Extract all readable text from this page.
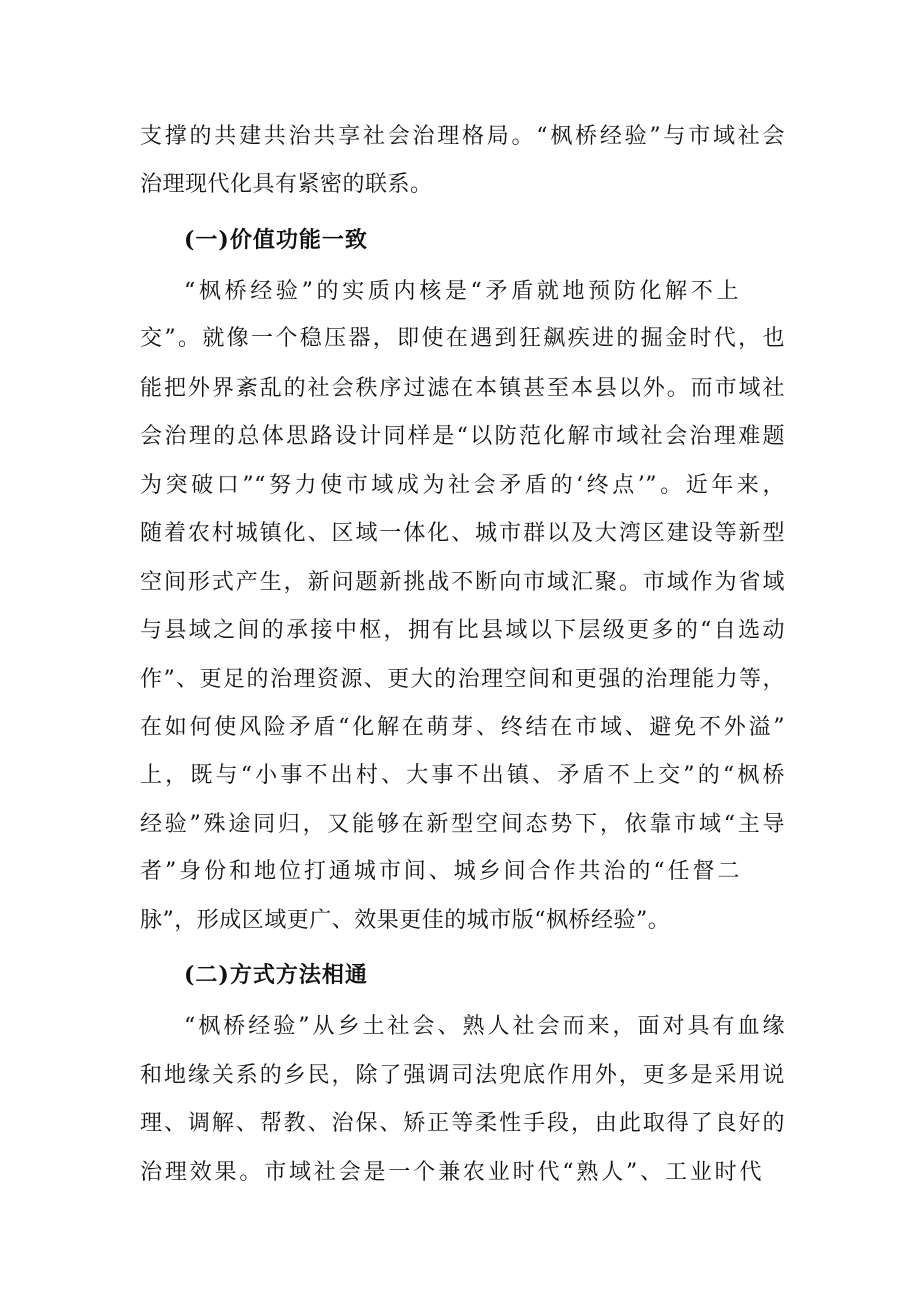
支撑的共建共治共享社会治理格局。“枫桥经验”与市域社会
治理现代化具有紧密的联系。
(一)价值功能一致
“枫桥经验”的实质内核是“矛盾就地预防化解不上
交”。就像一个稳压器，即使在遇到狂飙疾进的掘金时代，也
能把外界紊乱的社会秩序过滤在本镇甚至本县以外。而市域社
会治理的总体思路设计同样是“以防范化解市域社会治理难题
为突破口”“努力使市域成为社会矛盾的‘终点’”。近年来，
随着农村城镇化、区域一体化、城市群以及大湾区建设等新型
空间形式产生，新问题新挑战不断向市域汇聚。市域作为省域
与县域之间的承接中枢，拥有比县域以下层级更多的“自选动
作”、更足的治理资源、更大的治理空间和更强的治理能力等，
在如何使风险矛盾“化解在萌芽、终结在市域、避免不外溢”
上，既与“小事不出村、大事不出镇、矛盾不上交”的“枫桥
经验”殊途同归，又能够在新型空间态势下，依靠市域“主导
者”身份和地位打通城市间、城乡间合作共治的“任督二
脉”，形成区域更广、效果更佳的城市版“枫桥经验”。
(二)方式方法相通
“枫桥经验”从乡土社会、熟人社会而来，面对具有血缘
和地缘关系的乡民，除了强调司法兜底作用外，更多是采用说
理、调解、帮教、治保、矫正等柔性手段，由此取得了良好的
治理效果。市域社会是一个兼农业时代“熟人”、工业时代
